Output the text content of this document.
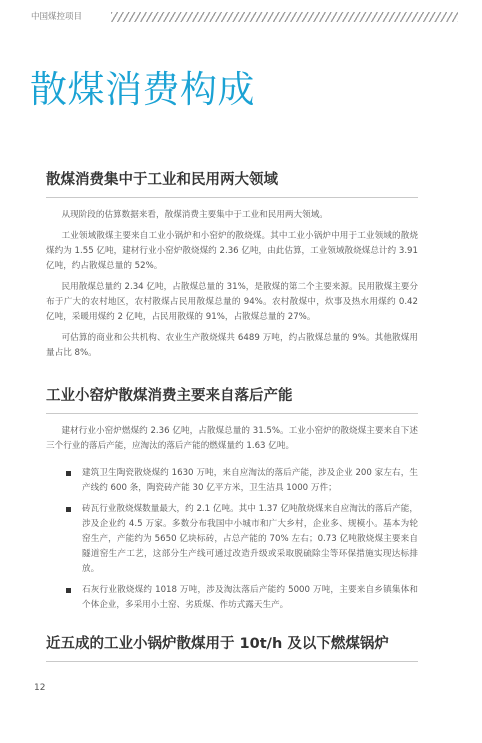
中国煤控项目
散煤消费构成
散煤消费集中于工业和民用两大领域

从现阶段的估算数据来看，散煤消费主要集中于工业和民用两大领域。

工业领域散煤主要来自工业小锅炉和小窑炉的散烧煤。其中工业小锅炉中用于工业领域的散烧煤约为 1.55 亿吨，建材行业小窑炉散烧煤约 2.36 亿吨，由此估算，工业领域散烧煤总计约 3.91 亿吨，约占散煤总量的 52%。

民用散煤总量约 2.34 亿吨，占散煤总量的 31%，是散煤的第二个主要来源。民用散煤主要分布于广大的农村地区，农村散煤占民用散煤总量的 94%。农村散煤中，炊事及热水用煤约 0.42 亿吨，采暖用煤约 2 亿吨，占民用散煤的 91%，占散煤总量的 27%。

可估算的商业和公共机构、农业生产散烧煤共 6489 万吨，约占散煤总量的 9%。其他散煤用量占比 8%。

工业小窑炉散煤消费主要来自落后产能

建材行业小窑炉燃煤约 2.36 亿吨，占散煤总量的 31.5%。工业小窑炉的散烧煤主要来自下述三个行业的落后产能，应淘汰的落后产能的燃煤量约 1.63 亿吨。

建筑卫生陶瓷散烧煤约 1630 万吨，来自应淘汰的落后产能，涉及企业 200 家左右，生产线约 600 条，陶瓷砖产能 30 亿平方米，卫生洁具 1000 万件；
砖瓦行业散烧煤数量最大，约 2.1 亿吨。其中 1.37 亿吨散烧煤来自应淘汰的落后产能，涉及企业约 4.5 万家。多数分布我国中小城市和广大乡村，企业多、规模小。基本为轮窑生产，产能约为 5650 亿块标砖，占总产能的 70% 左右；0.73 亿吨散烧煤主要来自隧道窑生产工艺，这部分生产线可通过改造升级或采取脱硫除尘等环保措施实现达标排放。
石灰行业散烧煤约 1018 万吨，涉及淘汰落后产能约 5000 万吨，主要来自乡镇集体和个体企业，多采用小土窑、劣质煤、作坊式露天生产。
近五成的工业小锅炉散煤用于 10t/h 及以下燃煤锅炉
12
